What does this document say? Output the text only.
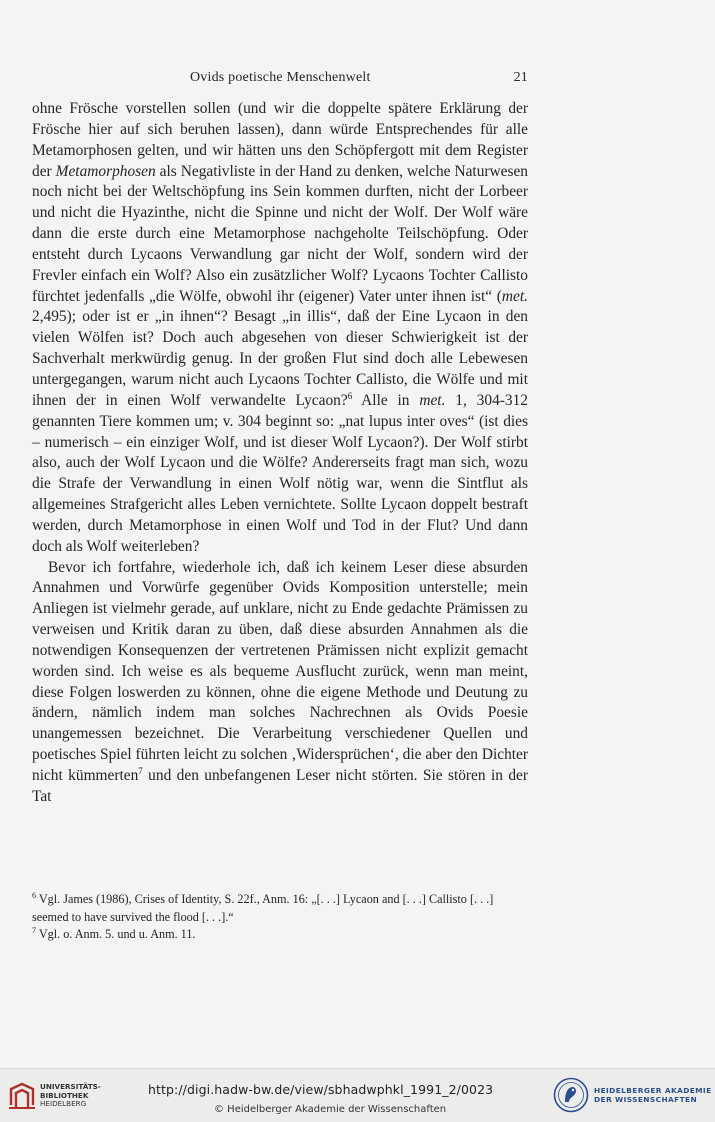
Ovids poetische Menschenwelt	21

ohne Frösche vorstellen sollen (und wir die doppelte spätere Erklärung der Frösche hier auf sich beruhen lassen), dann würde Entsprechendes für alle Metamorphosen gelten, und wir hätten uns den Schöpfergott mit dem Register der Metamorphosen als Negativliste in der Hand zu denken, welche Naturwesen noch nicht bei der Weltschöpfung ins Sein kommen durften, nicht der Lorbeer und nicht die Hyazinthe, nicht die Spinne und nicht der Wolf. Der Wolf wäre dann die erste durch eine Metamorphose nachgeholte Teilschöpfung. Oder entsteht durch Lycaons Verwandlung gar nicht der Wolf, sondern wird der Frevler einfach ein Wolf? Also ein zusätzlicher Wolf? Lycaons Tochter Callisto fürchtet jedenfalls „die Wölfe, obwohl ihr (eigener) Vater unter ihnen ist“ (met. 2,495); oder ist er „in ihnen“? Besagt „in illis“, daß der Eine Lycaon in den vielen Wölfen ist? Doch auch abgesehen von dieser Schwierigkeit ist der Sachverhalt merkwürdig genug. In der großen Flut sind doch alle Lebewesen untergegangen, warum nicht auch Lycaons Tochter Callisto, die Wölfe und mit ihnen der in einen Wolf verwandelte Lycaon?$^6$ Alle in met. 1, 304-312 genannten Tiere kommen um; v. 304 beginnt so: „nat lupus inter oves“ (ist dies – numerisch – ein einziger Wolf, und ist dieser Wolf Lycaon?). Der Wolf stirbt also, auch der Wolf Lycaon und die Wölfe? Andererseits fragt man sich, wozu die Strafe der Verwandlung in einen Wolf nötig war, wenn die Sintflut als allgemeines Strafgericht alles Leben vernichtete. Sollte Lycaon doppelt bestraft werden, durch Metamorphose in einen Wolf und Tod in der Flut? Und dann doch als Wolf weiterleben?

Bevor ich fortfahre, wiederhole ich, daß ich keinem Leser diese absurden Annahmen und Vorwürfe gegenüber Ovids Komposition unterstelle; mein Anliegen ist vielmehr gerade, auf unklare, nicht zu Ende gedachte Prämissen zu verweisen und Kritik daran zu üben, daß diese absurden Annahmen als die notwendigen Konsequenzen der vertretenen Prämissen nicht explizit gemacht worden sind. Ich weise es als bequeme Ausflucht zurück, wenn man meint, diese Folgen loswerden zu können, ohne die eigene Methode und Deutung zu ändern, nämlich indem man solches Nachrechnen als Ovids Poesie unangemessen bezeichnet. Die Verarbeitung verschiedener Quellen und poetisches Spiel führten leicht zu solchen ‚Widersprüchen‘, die aber den Dichter nicht kümmerten$^7$ und den unbefangenen Leser nicht störten. Sie stören in der Tat

$^6$ Vgl. James (1986), Crises of Identity, S. 22f., Anm. 16: „[. . .] Lycaon and [. . .] Callisto [. . .] seemed to have survived the flood [. . .].“

$^7$ Vgl. o. Anm. 5. und u. Anm. 11.

UNIVERSITÄTS-
BIBLIOTHEK
HEIDELBERG
http://digi.hadw-bw.de/view/sbhadwphkl_1991_2/0023
© Heidelberger Akademie der Wissenschaften
HEIDELBERGER AKADEMIE
DER WISSENSCHAFTEN
